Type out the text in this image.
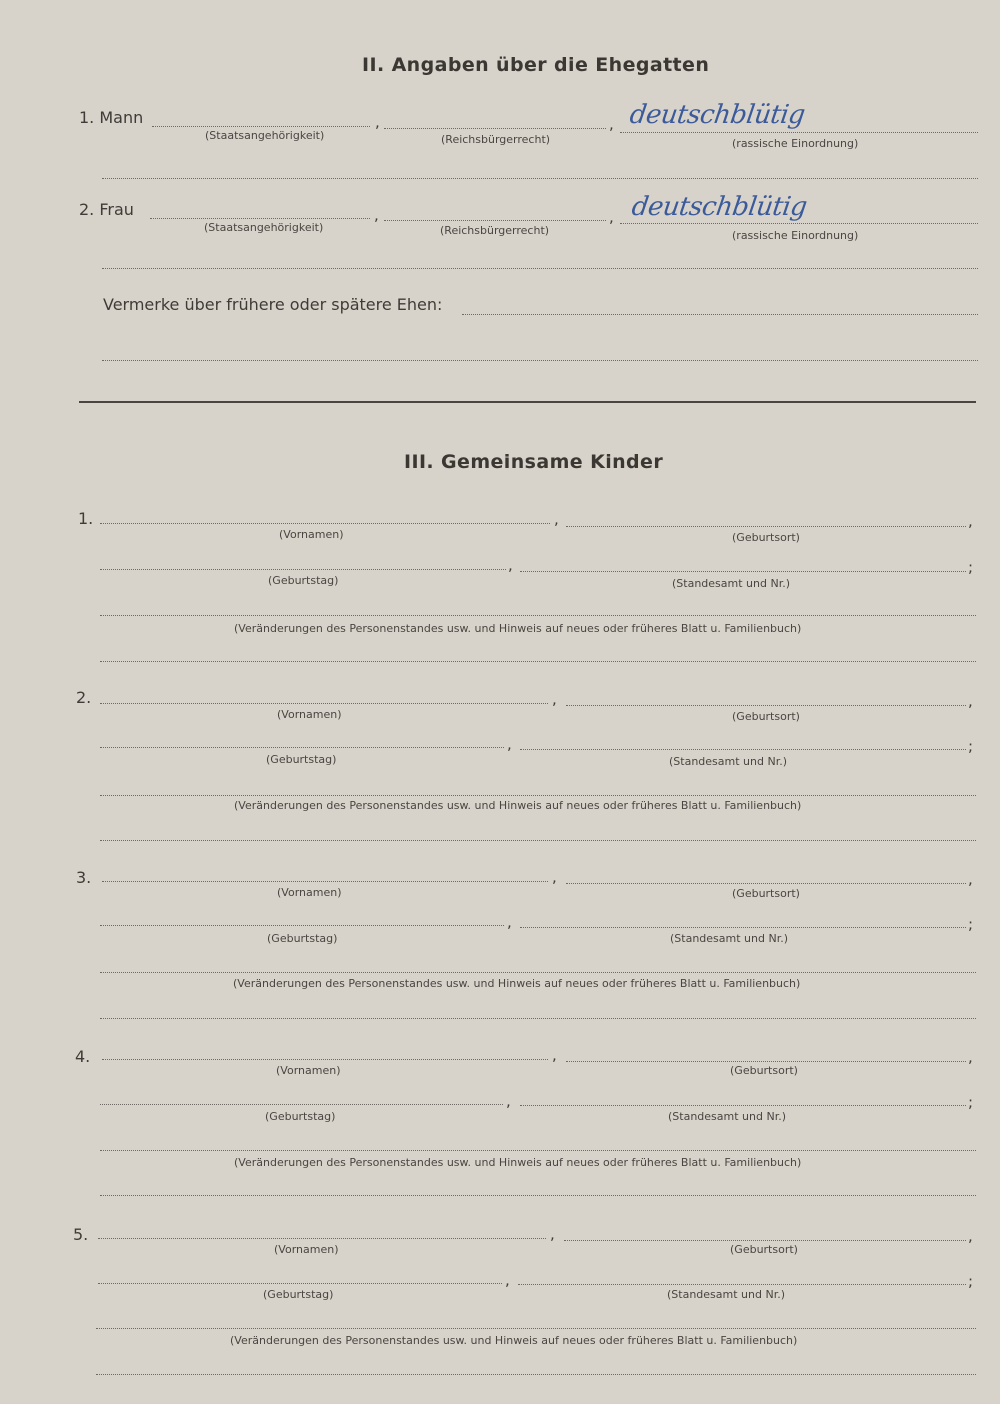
II. Angaben über die Ehegatten
1. Mann	,	, deutschblütig
(Staatsangehörigkeit)	(Reichsbürgerrecht)	(rassische Einordnung)
2. Frau	,	, deutschblütig
(Staatsangehörigkeit)	(Reichsbürgerrecht)	(rassische Einordnung)
Vermerke über frühere oder spätere Ehen:
III. Gemeinsame Kinder
1.	,	,
(Vornamen)	(Geburtsort)
,	;
(Geburtstag)	(Standesamt und Nr.)
(Veränderungen des Personenstandes usw. und Hinweis auf neues oder früheres Blatt u. Familienbuch)
2.	,	,
(Vornamen)	(Geburtsort)
,	;
(Geburtstag)	(Standesamt und Nr.)
(Veränderungen des Personenstandes usw. und Hinweis auf neues oder früheres Blatt u. Familienbuch)
3.	,	,
(Vornamen)	(Geburtsort)
,	;
(Geburtstag)	(Standesamt und Nr.)
(Veränderungen des Personenstandes usw. und Hinweis auf neues oder früheres Blatt u. Familienbuch)
4.	,	,
(Vornamen)	(Geburtsort)
,	;
(Geburtstag)	(Standesamt und Nr.)
(Veränderungen des Personenstandes usw. und Hinweis auf neues oder früheres Blatt u. Familienbuch)
5.	,	,
(Vornamen)	(Geburtsort)
,	;
(Geburtstag)	(Standesamt und Nr.)
(Veränderungen des Personenstandes usw. und Hinweis auf neues oder früheres Blatt u. Familienbuch)
